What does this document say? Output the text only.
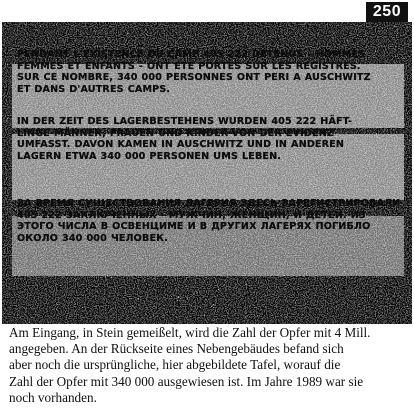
250
PENDANT L'EXISTENCE DU CAMP 405 222 DETENUS - HOMMES
FEMMES ET ENFANTS - ONT ETE PORTES SUR LES REGISTRES.
SUR CE NOMBRE, 340 000 PERSONNES ONT PERI A AUSCHWITZ
ET DANS D'AUTRES CAMPS.
IN DER ZEIT DES LAGERBESTEHENS WURDEN 405 222 HÄFT-
LINGE-MÄNNER, FRAUEN UND KINDER-VON DER EVIDENZ
UMFASST. DAVON KAMEN IN AUSCHWITZ UND IN ANDEREN
LAGERN ETWA 340 000 PERSONEN UMS LEBEN.
ЗА ВРЕМЯ СУЩЕСТВОВАНИЯ ЛАГЕРИЯ ЗДЕСЬ ЗАРЕГИСТРИРОВАЛИ
405 222 ЗАКЛЮЧЕННЫХ - МУЖЧИН, ЖЕНЩИН, И ДЕТЕЙ. ИЗ
ЭТОГО ЧИСЛА В ОСВЕНЦИМЕ И В ДРУГИХ ЛАГЕРЯХ ПОГИБЛО
ОКОЛО 340 000 ЧЕЛОВЕК.
Am Eingang, in Stein gemeißelt, wird die Zahl der Opfer mit 4 Mill.
angegeben. An der Rückseite eines Nebengebäudes befand sich
aber noch die ursprüngliche, hier abgebildete Tafel, worauf die
Zahl der Opfer mit 340 000 ausgewiesen ist. Im Jahre 1989 war sie
noch vorhanden.
